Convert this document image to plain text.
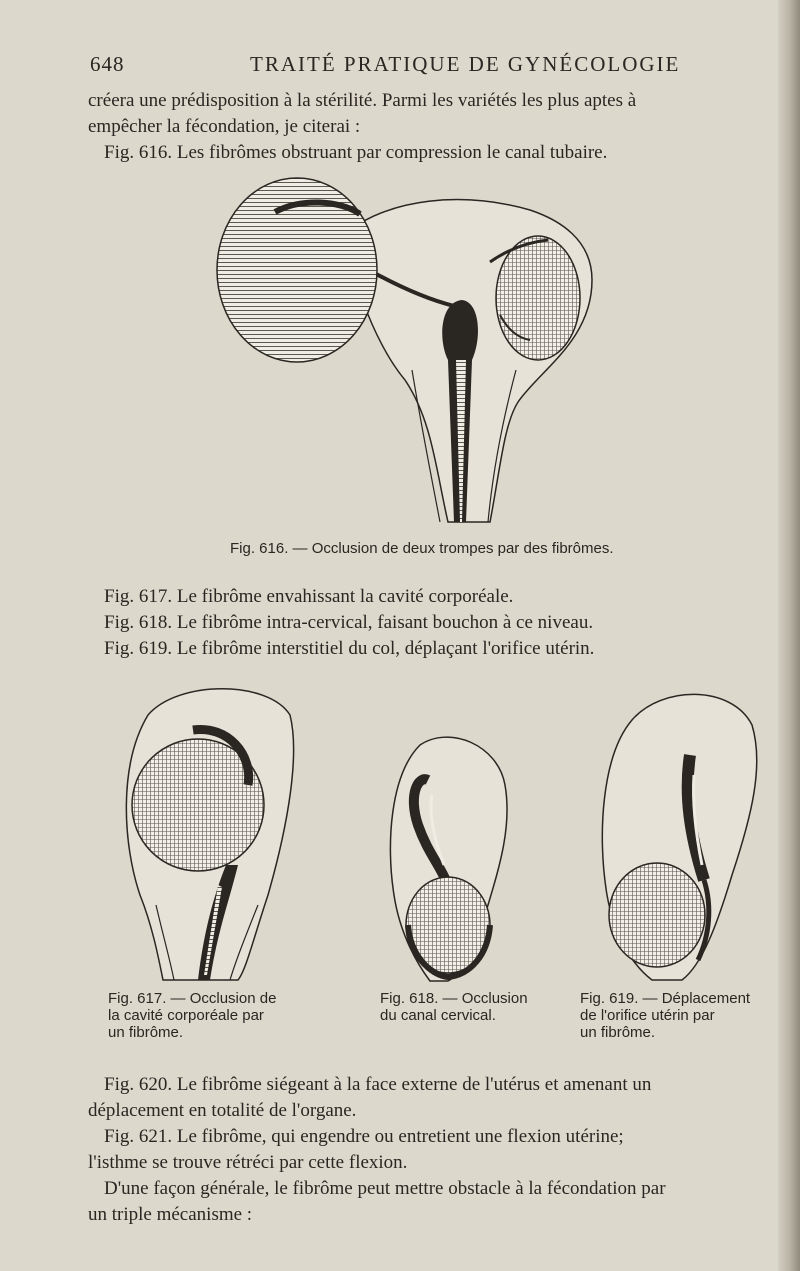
648	TRAITÉ PRATIQUE DE GYNÉCOLOGIE

créera une prédisposition à la stérilité. Parmi les variétés les plus aptes à

empêcher la fécondation, je citerai :

Fig. 616. Les fibrômes obstruant par compression le canal tubaire.

Fig. 616. — Occlusion de deux trompes par des fibrômes.

Fig. 617. Le fibrôme envahissant la cavité corporéale.

Fig. 618. Le fibrôme intra-cervical, faisant bouchon à ce niveau.

Fig. 619. Le fibrôme interstitiel du col, déplaçant l'orifice utérin.

Fig. 617. — Occlusion de

la cavité corporéale par

un fibrôme.

Fig. 618. — Occlusion

du canal cervical.

Fig. 619. — Déplacement

de l'orifice utérin par

un fibrôme.

Fig. 620. Le fibrôme siégeant à la face externe de l'utérus et amenant un

déplacement en totalité de l'organe.

Fig. 621. Le fibrôme, qui engendre ou entretient une flexion utérine;

l'isthme se trouve rétréci par cette flexion.

D'une façon générale, le fibrôme peut mettre obstacle à la fécondation par

un triple mécanisme :
